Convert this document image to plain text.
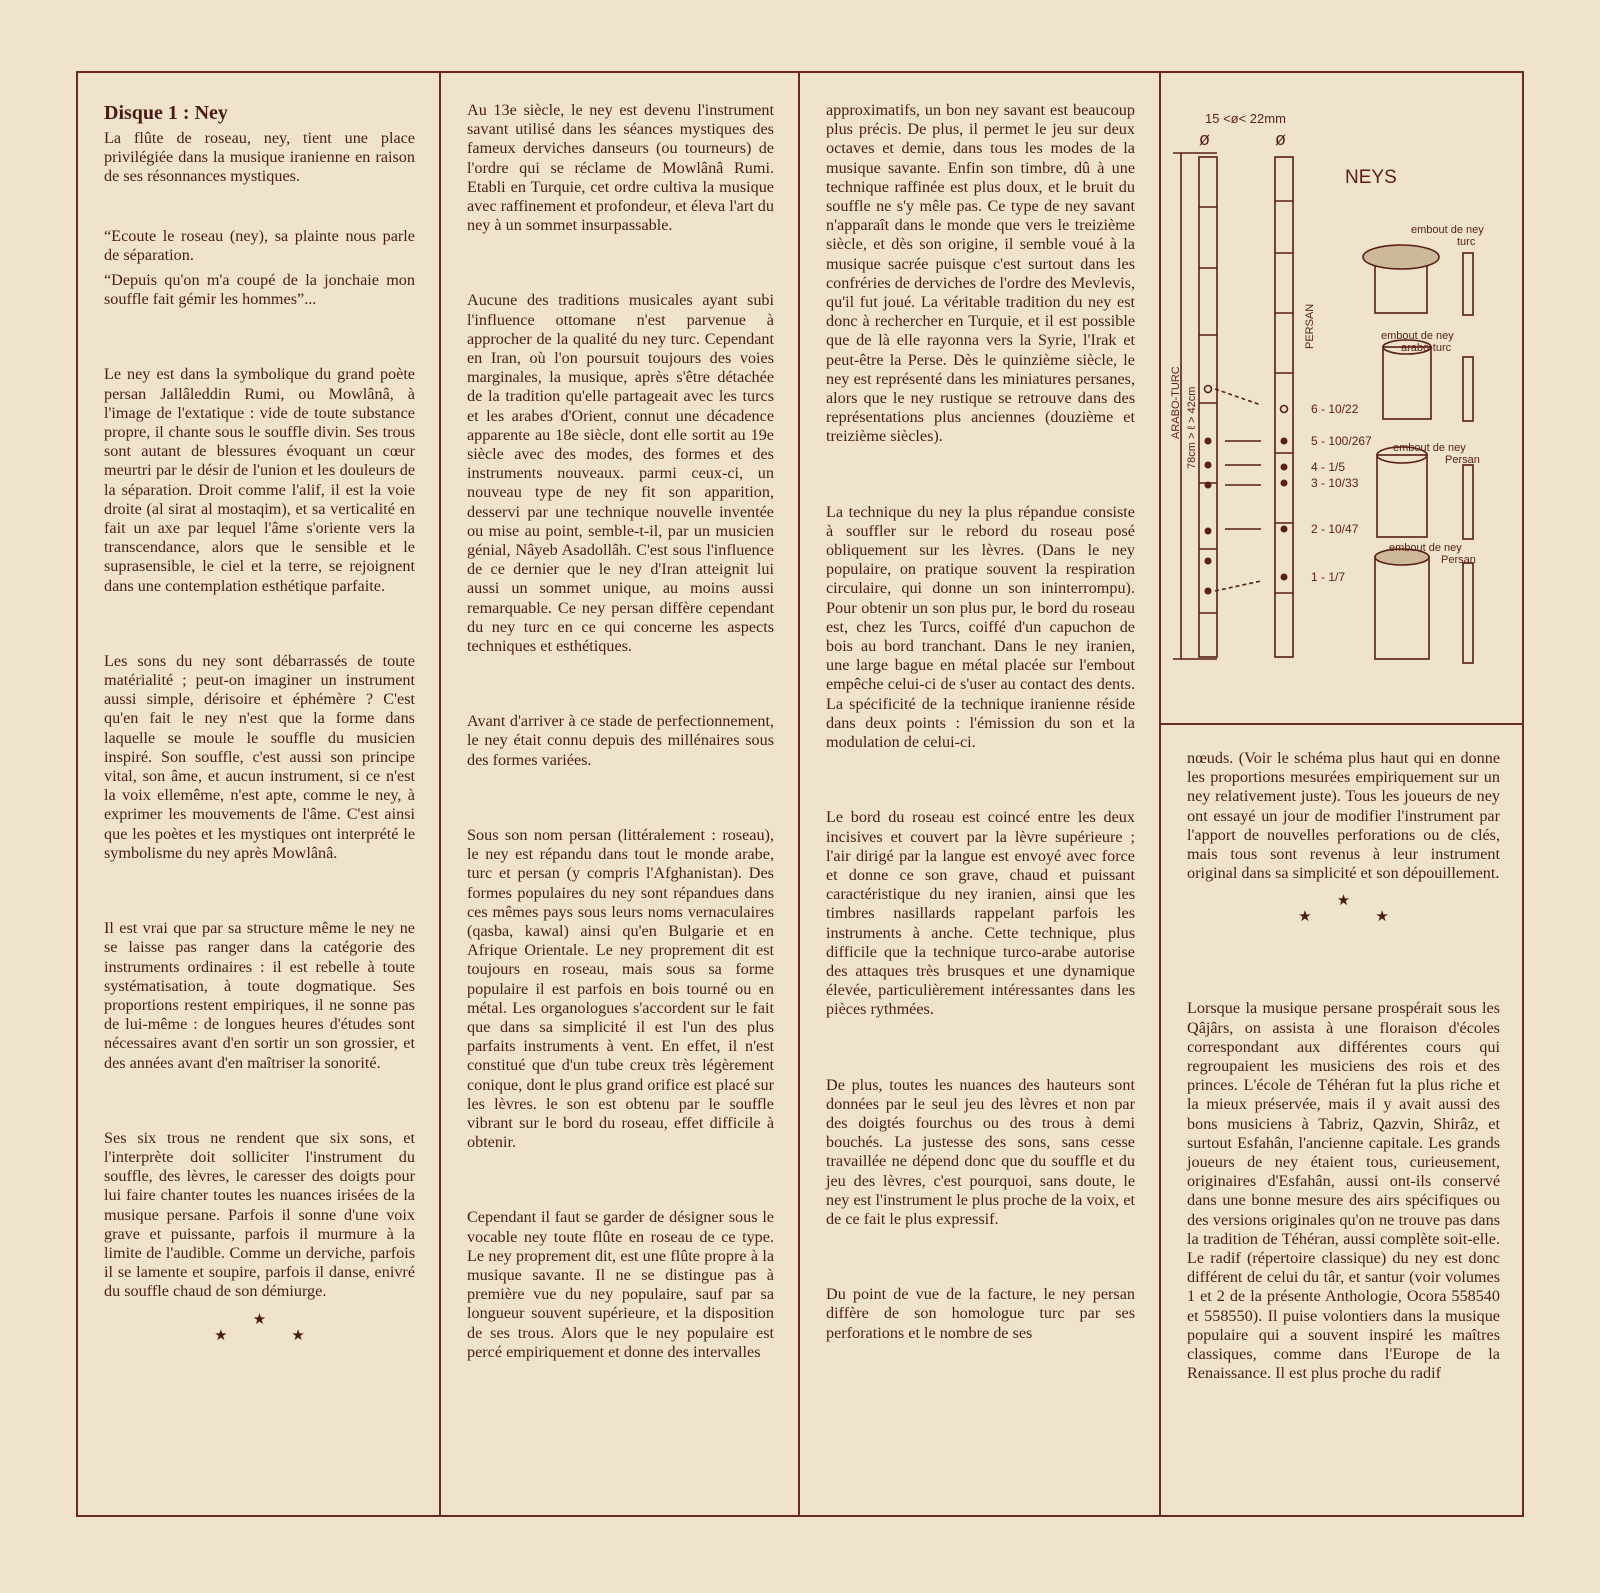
Disque 1 : Ney

La flûte de roseau, ney, tient une place privilégiée dans la musique iranienne en raison de ses résonnances mystiques.

“Ecoute le roseau (ney), sa plainte nous parle de séparation.

“Depuis qu'on m'a coupé de la jonchaie mon souffle fait gémir les hommes”...

Le ney est dans la symbolique du grand poète persan Jallâleddin Rumi, ou Mowlânâ, à l'image de l'extatique : vide de toute substance propre, il chante sous le souffle divin. Ses trous sont autant de blessures évoquant un cœur meurtri par le désir de l'union et les douleurs de la séparation. Droit comme l'alif, il est la voie droite (al sirat al mostaqim), et sa verticalité en fait un axe par lequel l'âme s'oriente vers la transcendance, alors que le sensible et le suprasensible, le ciel et la terre, se rejoignent dans une contemplation esthétique parfaite.

Les sons du ney sont débarrassés de toute matérialité ; peut-on imaginer un instrument aussi simple, dérisoire et éphémère ? C'est qu'en fait le ney n'est que la forme dans laquelle se moule le souffle du musicien inspiré. Son souffle, c'est aussi son principe vital, son âme, et aucun instrument, si ce n'est la voix ellemême, n'est apte, comme le ney, à exprimer les mouvements de l'âme. C'est ainsi que les poètes et les mystiques ont interprété le symbolisme du ney après Mowlânâ.

Il est vrai que par sa structure même le ney ne se laisse pas ranger dans la catégorie des instruments ordinaires : il est rebelle à toute systématisation, à toute dogmatique. Ses proportions restent empiriques, il ne sonne pas de lui-même : de longues heures d'études sont nécessaires avant d'en sortir un son grossier, et des années avant d'en maîtriser la sonorité.

Ses six trous ne rendent que six sons, et l'interprète doit solliciter l'instrument du souffle, des lèvres, le caresser des doigts pour lui faire chanter toutes les nuances irisées de la musique persane. Parfois il sonne d'une voix grave et puissante, parfois il murmure à la limite de l'audible. Comme un derviche, parfois il se lamente et soupire, parfois il danse, enivré du souffle chaud de son démiurge.

★
★ ★

Au 13e siècle, le ney est devenu l'instrument savant utilisé dans les séances mystiques des fameux derviches danseurs (ou tourneurs) de l'ordre qui se réclame de Mowlânâ Rumi. Etabli en Turquie, cet ordre cultiva la musique avec raffinement et profondeur, et éleva l'art du ney à un sommet insurpassable.

Aucune des traditions musicales ayant subi l'influence ottomane n'est parvenue à approcher de la qualité du ney turc. Cependant en Iran, où l'on poursuit toujours des voies marginales, la musique, après s'être détachée de la tradition qu'elle partageait avec les turcs et les arabes d'Orient, connut une décadence apparente au 18e siècle, dont elle sortit au 19e siècle avec des modes, des formes et des instruments nouveaux. parmi ceux-ci, un nouveau type de ney fit son apparition, desservi par une technique nouvelle inventée ou mise au point, semble-t-il, par un musicien génial, Nâyeb Asadollâh. C'est sous l'influence de ce dernier que le ney d'Iran atteignit lui aussi un sommet unique, au moins aussi remarquable. Ce ney persan diffère cependant du ney turc en ce qui concerne les aspects techniques et esthétiques.

Avant d'arriver à ce stade de perfectionnement, le ney était connu depuis des millénaires sous des formes variées.

Sous son nom persan (littéralement : roseau), le ney est répandu dans tout le monde arabe, turc et persan (y compris l'Afghanistan). Des formes populaires du ney sont répandues dans ces mêmes pays sous leurs noms vernaculaires (qasba, kawal) ainsi qu'en Bulgarie et en Afrique Orientale. Le ney proprement dit est toujours en roseau, mais sous sa forme populaire il est parfois en bois tourné ou en métal. Les organologues s'accordent sur le fait que dans sa simplicité il est l'un des plus parfaits instruments à vent. En effet, il n'est constitué que d'un tube creux très légèrement conique, dont le plus grand orifice est placé sur les lèvres. le son est obtenu par le souffle vibrant sur le bord du roseau, effet difficile à obtenir.

Cependant il faut se garder de désigner sous le vocable ney toute flûte en roseau de ce type. Le ney proprement dit, est une flûte propre à la musique savante. Il ne se distingue pas à première vue du ney populaire, sauf par sa longueur souvent supérieure, et la disposition de ses trous. Alors que le ney populaire est percé empiriquement et donne des intervalles

approximatifs, un bon ney savant est beaucoup plus précis. De plus, il permet le jeu sur deux octaves et demie, dans tous les modes de la musique savante. Enfin son timbre, dû à une technique raffinée est plus doux, et le bruit du souffle ne s'y mêle pas. Ce type de ney savant n'apparaît dans le monde que vers le treizième siècle, et dès son origine, il semble voué à la musique sacrée puisque c'est surtout dans les confréries de derviches de l'ordre des Mevlevis, qu'il fut joué. La véritable tradition du ney est donc à rechercher en Turquie, et il est possible que de là elle rayonna vers la Syrie, l'Irak et peut-être la Perse. Dès le quinzième siècle, le ney est représenté dans les miniatures persanes, alors que le ney rustique se retrouve dans des représentations plus anciennes (douzième et treizième siècles).

La technique du ney la plus répandue consiste à souffler sur le rebord du roseau posé obliquement sur les lèvres. (Dans le ney populaire, on pratique souvent la respiration circulaire, qui donne un son ininterrompu). Pour obtenir un son plus pur, le bord du roseau est, chez les Turcs, coiffé d'un capuchon de bois au bord tranchant. Dans le ney iranien, une large bague en métal placée sur l'embout empêche celui-ci de s'user au contact des dents. La spécificité de la technique iranienne réside dans deux points : l'émission du son et la modulation de celui-ci.

Le bord du roseau est coincé entre les deux incisives et couvert par la lèvre supérieure ; l'air dirigé par la langue est envoyé avec force et donne ce son grave, chaud et puissant caractéristique du ney iranien, ainsi que les timbres nasillards rappelant parfois les instruments à anche. Cette technique, plus difficile que la technique turco-arabe autorise des attaques très brusques et une dynamique élevée, particulièrement intéressantes dans les pièces rythmées.

De plus, toutes les nuances des hauteurs sont données par le seul jeu des lèvres et non par des doigtés fourchus ou des trous à demi bouchés. La justesse des sons, sans cesse travaillée ne dépend donc que du souffle et du jeu des lèvres, c'est pourquoi, sans doute, le ney est l'instrument le plus proche de la voix, et de ce fait le plus expressif.

Du point de vue de la facture, le ney persan diffère de son homologue turc par ses perforations et le nombre de ses

15 <ø< 22mm
ø	ø
NEYS
ARABO-TURC 78cm > ℓ > 42cm
PERSAN
embout de ney
turc
embout de ney
arabo-turc
embout de ney
Persan
embout de ney
Persan
6 - 10/22
5 - 100/267
4 - 1/5
3 - 10/33
2 - 10/47
1 - 1/7

nœuds. (Voir le schéma plus haut qui en donne les proportions mesurées empiriquement sur un ney relativement juste). Tous les joueurs de ney ont essayé un jour de modifier l'instrument par l'apport de nouvelles perforations ou de clés, mais tous sont revenus à leur instrument original dans sa simplicité et son dépouillement.

★
★ ★

Lorsque la musique persane prospérait sous les Qâjârs, on assista à une floraison d'écoles correspondant aux différentes cours qui regroupaient les musiciens des rois et des princes. L'école de Téhéran fut la plus riche et la mieux préservée, mais il y avait aussi des bons musiciens à Tabriz, Qazvin, Shirâz, et surtout Esfahân, l'ancienne capitale. Les grands joueurs de ney étaient tous, curieusement, originaires d'Esfahân, aussi ont-ils conservé dans une bonne mesure des airs spécifiques ou des versions originales qu'on ne trouve pas dans la tradition de Téhéran, aussi complète soit-elle. Le radif (répertoire classique) du ney est donc différent de celui du târ, et santur (voir volumes 1 et 2 de la présente Anthologie, Ocora 558540 et 558550). Il puise volontiers dans la musique populaire qui a souvent inspiré les maîtres classiques, comme dans l'Europe de la Renaissance. Il est plus proche du radif
